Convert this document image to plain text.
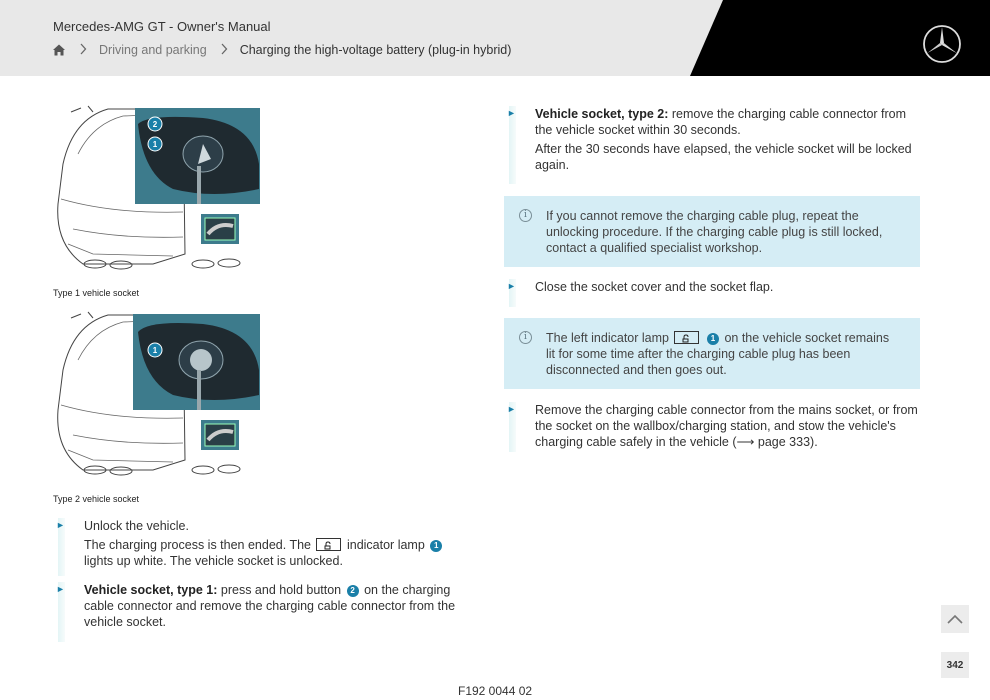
Mercedes-AMG GT - Owner's Manual
Driving and parking	Charging the high-voltage battery (plug-in hybrid)
2
1
Type 1 vehicle socket
1
Type 2 vehicle socket
► Unlock the vehicle.

The charging process is then ended. The	indicator lamp 1 lights up white. The vehicle socket is unlocked.

► Vehicle socket, type 1: press and hold button 2 on the charging cable connector and remove the charging cable connector from the vehicle socket.

► Vehicle socket, type 2: remove the charging cable connector from the vehicle socket within 30 seconds.

After the 30 seconds have elapsed, the vehicle socket will be locked again.

i	If you cannot remove the charging cable plug, repeat the unlocking procedure. If the charging cable plug is still locked, contact a qualified specialist workshop.
► Close the socket cover and the socket flap.
i	The left indicator lamp	1 on the vehicle socket remains lit for some time after the charging cable plug has been disconnected and then goes out.
► Remove the charging cable connector from the mains socket, or from the socket on the wallbox/charging station, and stow the vehicle's charging cable safely in the vehicle (⟶ page 333).
F192 0044 02
342
